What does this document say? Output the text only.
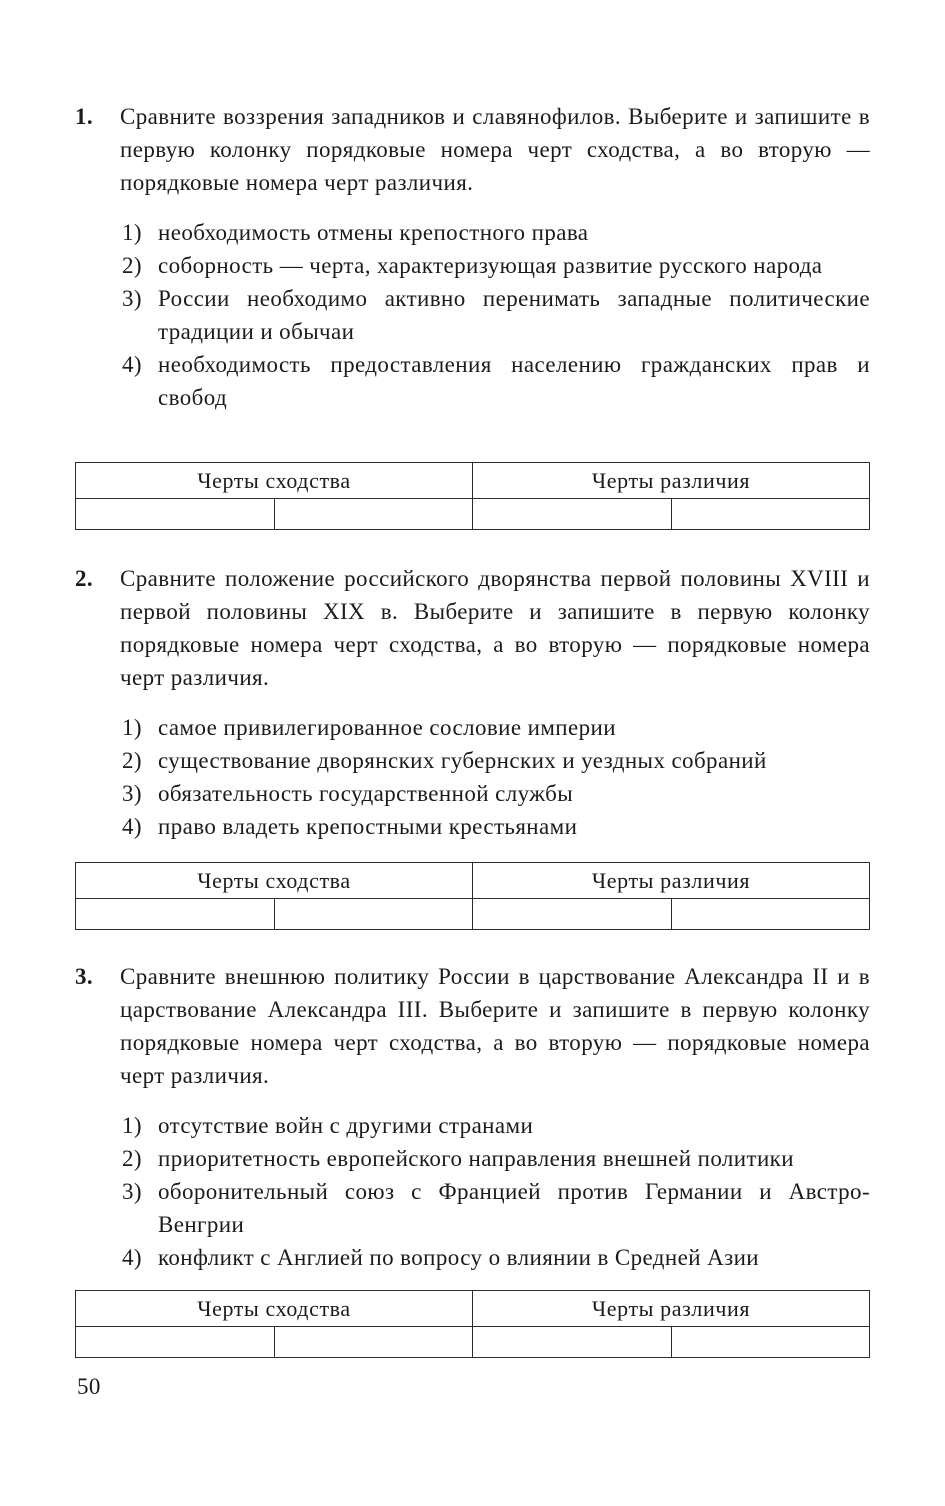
1.	Сравните воззрения западников и славянофилов. Выберите и запишите в первую колонку порядковые номера черт сходства, а во вторую — порядковые номера черт различия.

1) необходимость отмены крепостного права
2) соборность — черта, характеризующая развитие русского народа
3) России необходимо активно перенимать западные политические традиции и обычаи
4) необходимость предоставления населению гражданских прав и свобод
Черты сходства		Черты различия	

2.	Сравните положение российского дворянства первой половины XVIII и первой половины XIX в. Выберите и запишите в первую колонку порядковые номера черт сходства, а во вторую — порядковые номера черт различия.

1) самое привилегированное сословие империи
2) существование дворянских губернских и уездных собраний
3) обязательность государственной службы
4) право владеть крепостными крестьянами
Черты сходства		Черты различия	

3.	Сравните внешнюю политику России в царствование Александра II и в царствование Александра III. Выберите и запишите в первую колонку порядковые номера черт сходства, а во вторую — порядковые номера черт различия.

1) отсутствие войн с другими странами
2) приоритетность европейского направления внешней политики
3) оборонительный союз с Францией против Германии и Австро-Венгрии
4) конфликт с Англией по вопросу о влиянии в Средней Азии
Черты сходства		Черты различия	

50
